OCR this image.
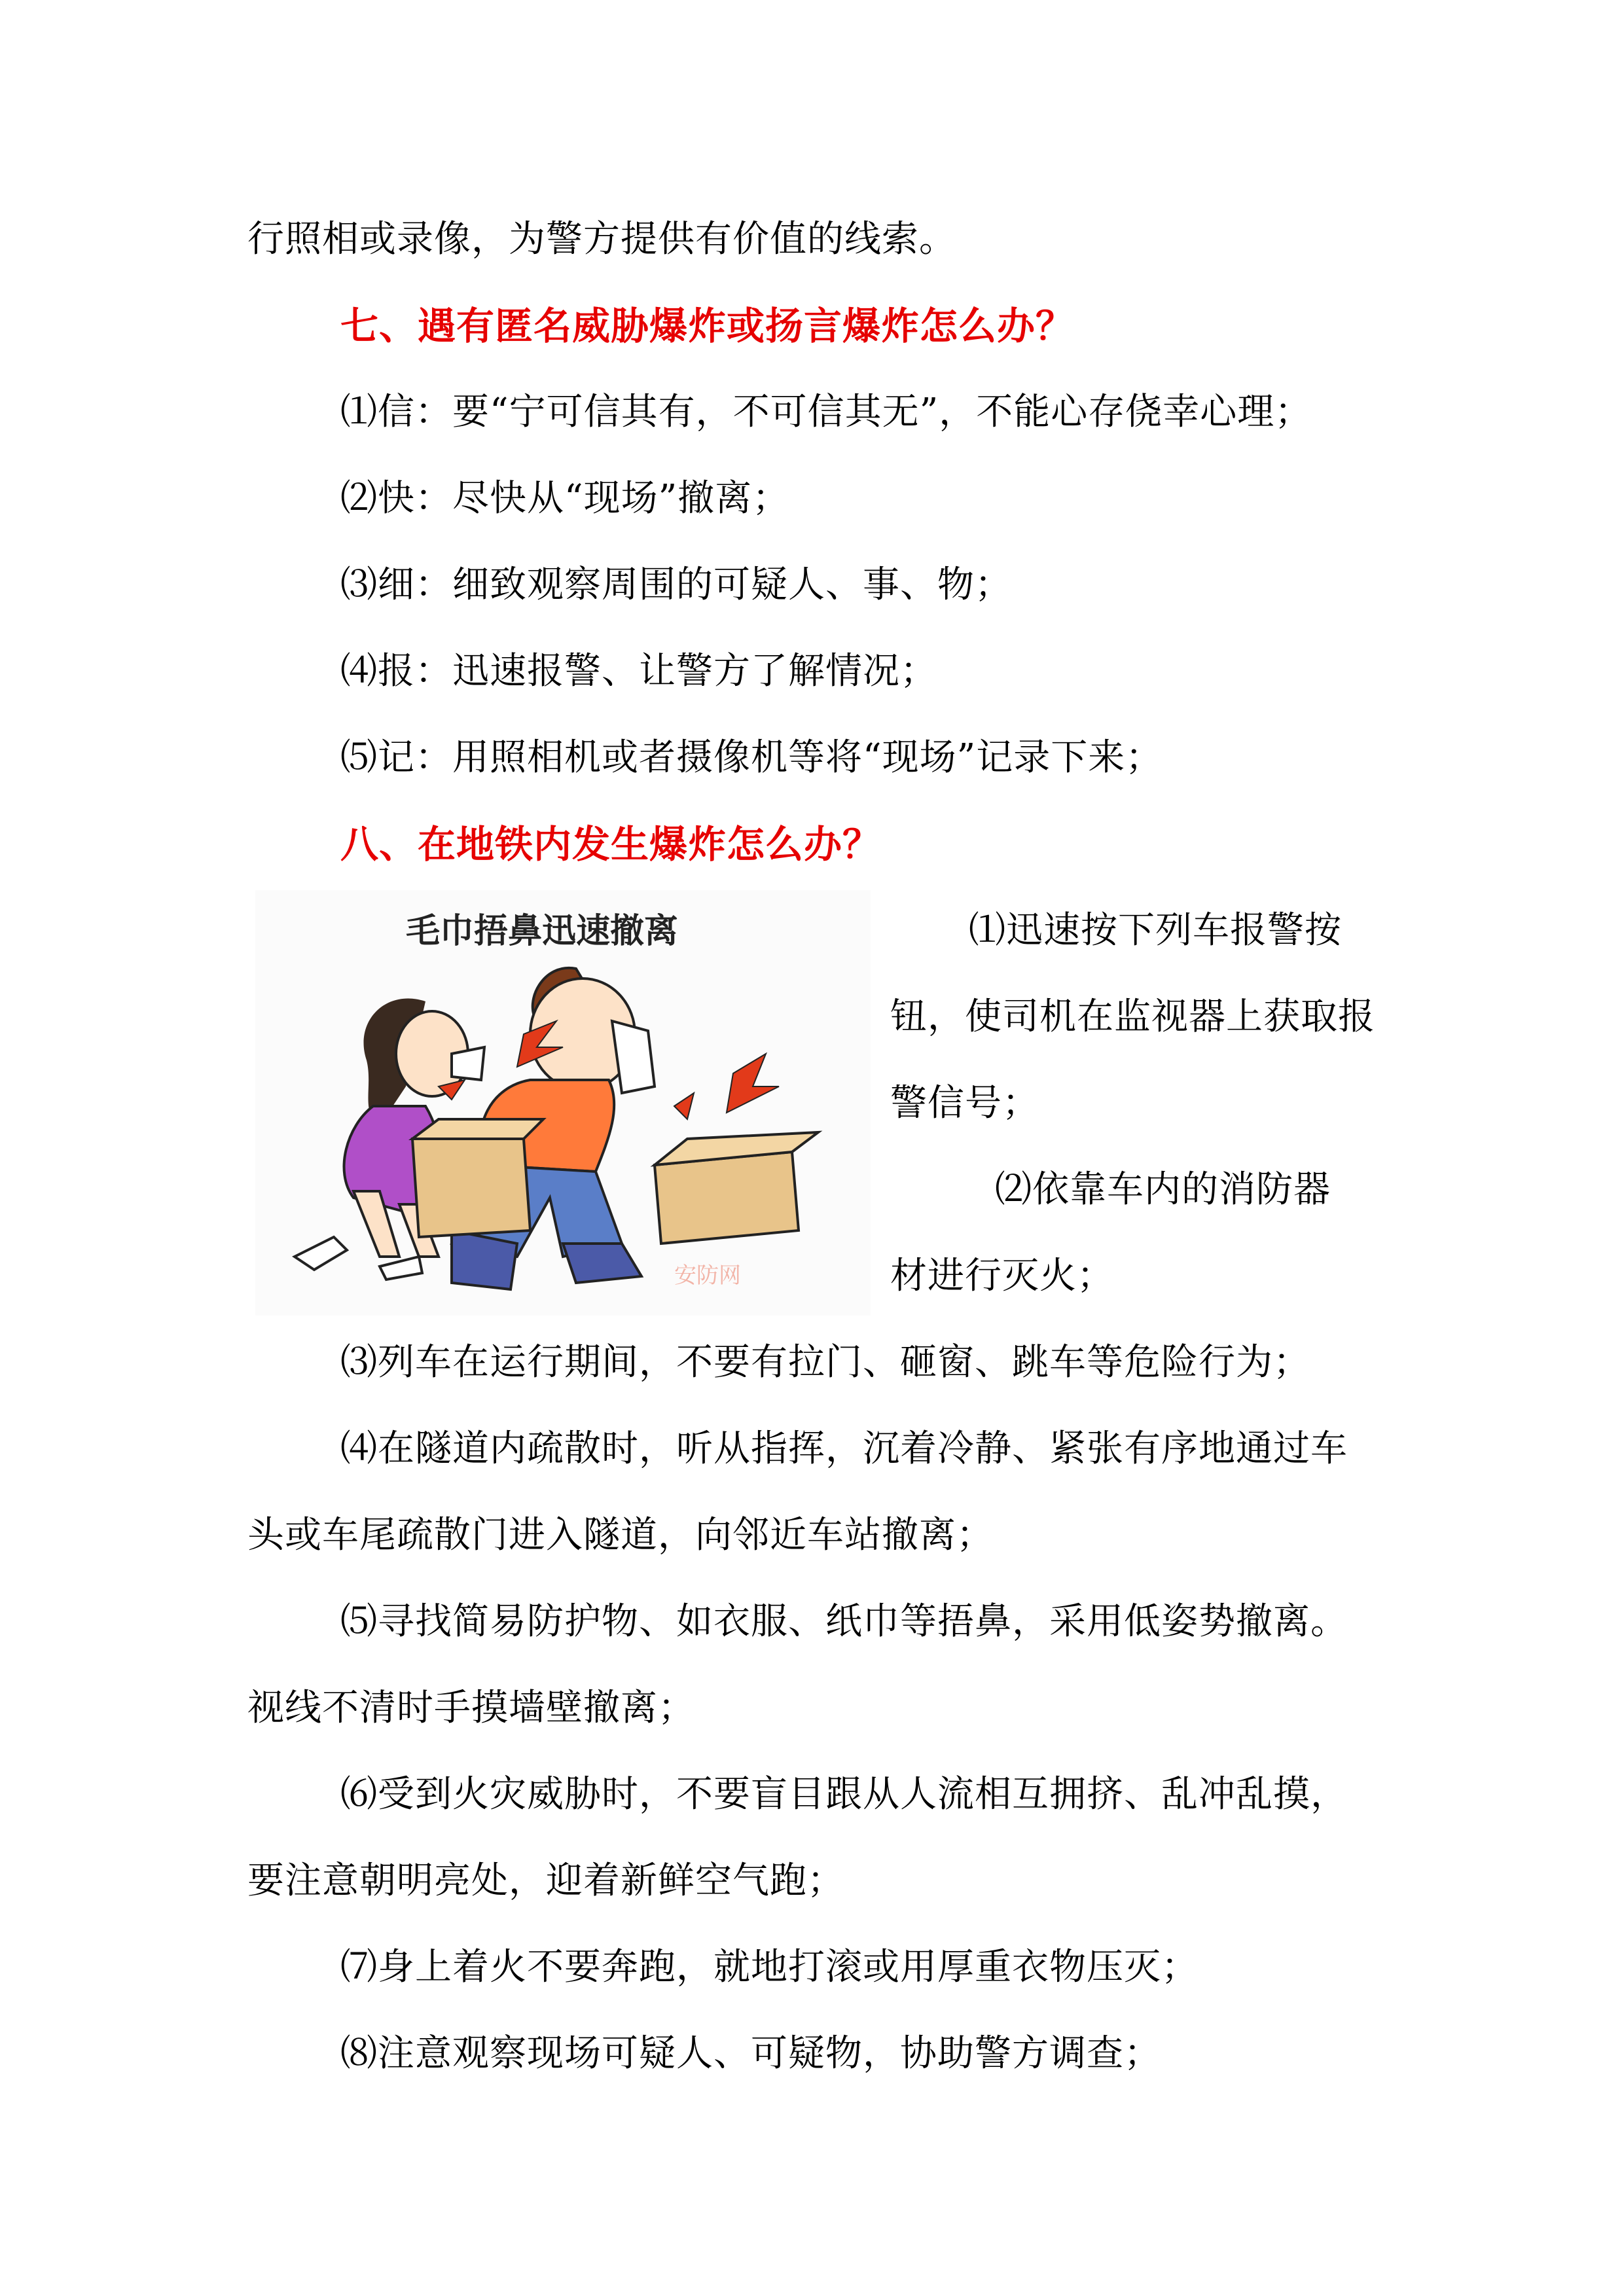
行照相或录像，为警方提供有价值的线索。
七、遇有匿名威胁爆炸或扬言爆炸怎么办？
⑴信：要“宁可信其有，不可信其无”，不能心存侥幸心理；
⑵快：尽快从“现场”撤离；
⑶细：细致观察周围的可疑人、事、物；
⑷报：迅速报警、让警方了解情况；
⑸记：用照相机或者摄像机等将“现场”记录下来；
八、在地铁内发生爆炸怎么办？
毛巾捂鼻迅速撤离
安防网
⑴迅速按下列车报警按
钮，使司机在监视器上获取报
警信号；
⑵依靠车内的消防器
材进行灭火；
⑶列车在运行期间，不要有拉门、砸窗、跳车等危险行为；
⑷在隧道内疏散时，听从指挥，沉着冷静、紧张有序地通过车
头或车尾疏散门进入隧道，向邻近车站撤离；
⑸寻找简易防护物、如衣服、纸巾等捂鼻，采用低姿势撤离。
视线不清时手摸墙壁撤离；
⑹受到火灾威胁时，不要盲目跟从人流相互拥挤、乱冲乱摸，
要注意朝明亮处，迎着新鲜空气跑；
⑺身上着火不要奔跑，就地打滚或用厚重衣物压灭；
⑻注意观察现场可疑人、可疑物，协助警方调查；
